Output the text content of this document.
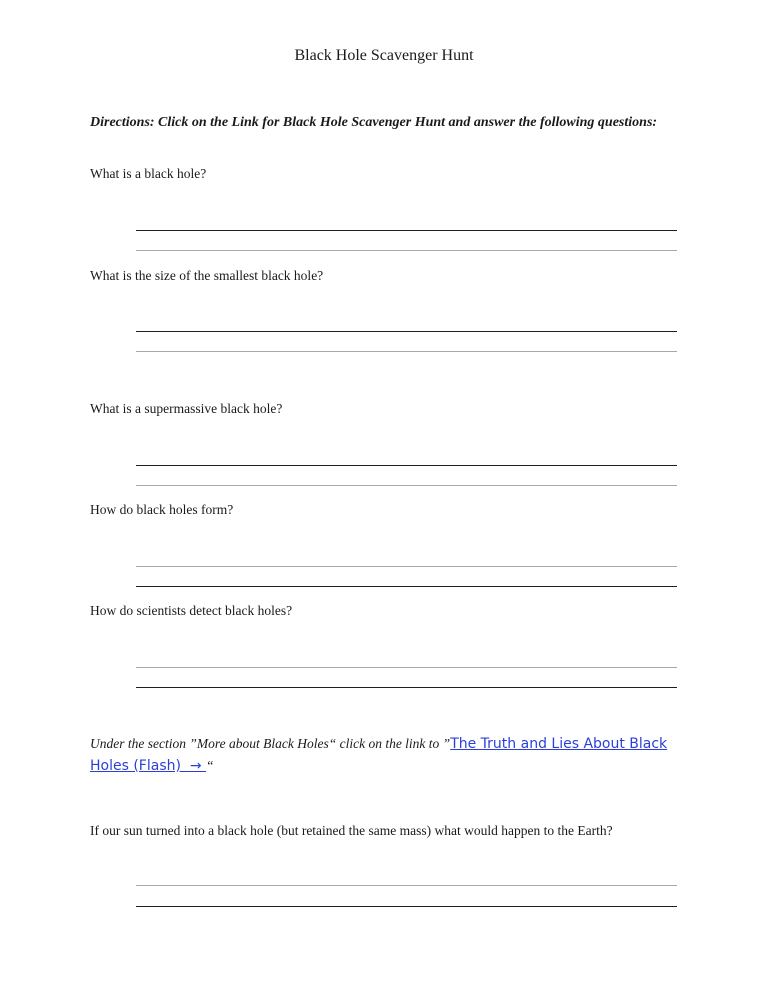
Black Hole Scavenger Hunt
Directions: Click on the Link for Black Hole Scavenger Hunt and answer the following questions:
What is a black hole?
What is the size of the smallest black hole?
What is a supermassive black hole?
How do black holes form?
How do scientists detect black holes?
Under the section ”More about Black Holes“ click on the link to ”The Truth and Lies About Black Holes (Flash)  → “
If our sun turned into a black hole (but retained the same mass) what would happen to the Earth?
